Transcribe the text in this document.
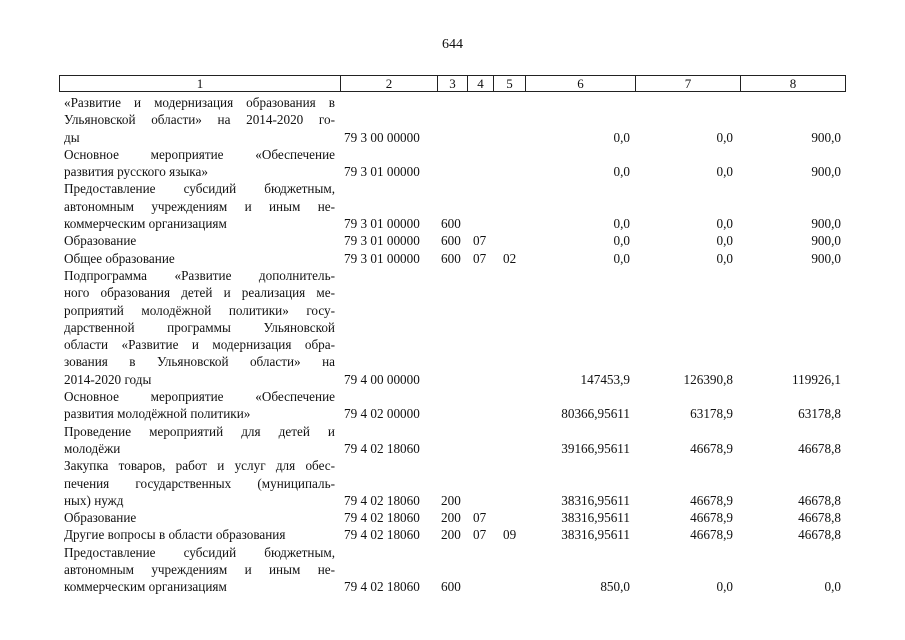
644
1	2	3	4	5	6	7	8
«Развитие и модернизация образования в
Ульяновской области» на 2014-2020 го-
ды	79 3 00 00000	0,0	0,0	900,0
Основное мероприятие «Обеспечение
развития русского языка»	79 3 01 00000	0,0	0,0	900,0
Предоставление субсидий бюджетным,
автономным учреждениям и иным не-
коммерческим организациям	79 3 01 00000 600	0,0	0,0	900,0
Образование	79 3 01 00000 600 07	0,0	0,0	900,0
Общее образование	79 3 01 00000 600 07 02	0,0	0,0	900,0
Подпрограмма «Развитие дополнитель-
ного образования детей и реализация ме-
роприятий молодёжной политики» госу-
дарственной программы Ульяновской
области «Развитие и модернизация обра-
зования в Ульяновской области» на
2014-2020 годы	79 4 00 00000	147453,9	126390,8	119926,1
Основное мероприятие «Обеспечение
развития молодёжной политики»	79 4 02 00000	80366,95611	63178,9	63178,8
Проведение мероприятий для детей и
молодёжи	79 4 02 18060	39166,95611	46678,9	46678,8
Закупка товаров, работ и услуг для обес-
печения государственных (муниципаль-
ных) нужд	79 4 02 18060 200	38316,95611	46678,9	46678,8
Образование	79 4 02 18060 200 07	38316,95611	46678,9	46678,8
Другие вопросы в области образования	79 4 02 18060 200 07 09	38316,95611	46678,9	46678,8
Предоставление субсидий бюджетным,
автономным учреждениям и иным не-
коммерческим организациям	79 4 02 18060 600	850,0	0,0	0,0
